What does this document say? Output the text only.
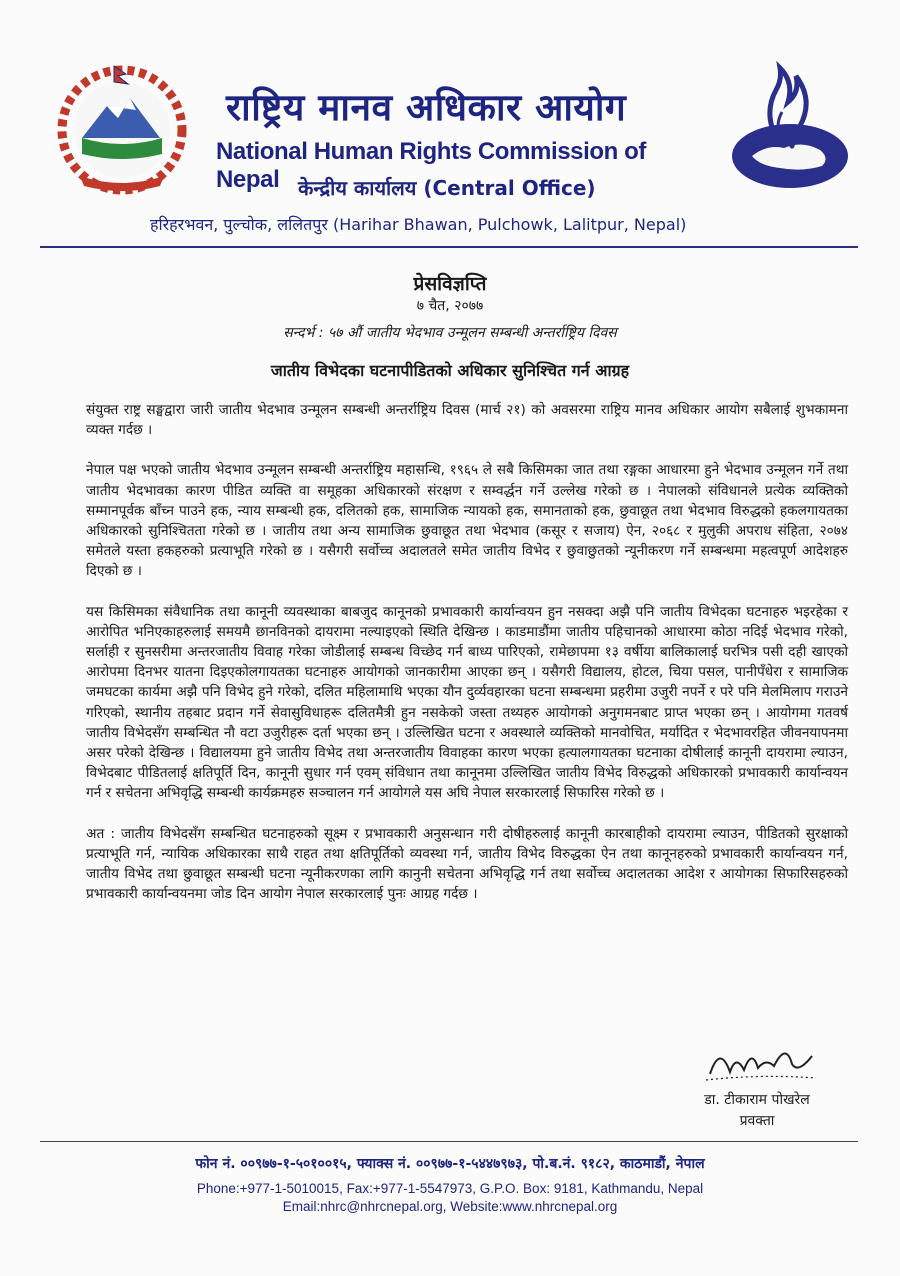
राष्ट्रिय मानव अधिकार आयोग
National Human Rights Commission of Nepal केन्द्रीय कार्यालय (Central Office)
हरिहरभवन, पुल्चोक, ललितपुर (Harihar Bhawan, Pulchowk, Lalitpur, Nepal)
प्रेसविज्ञप्ति
७ चैत, २०७७
सन्दर्भ : ५७ औं जातीय भेदभाव उन्मूलन सम्बन्धी अन्तर्राष्ट्रिय दिवस
जातीय विभेदका घटनापीडितको अधिकार सुनिश्चित गर्न आग्रह

संयुक्त राष्ट्र सङ्घद्वारा जारी जातीय भेदभाव उन्मूलन सम्बन्धी अन्तर्राष्ट्रिय दिवस (मार्च २१) को अवसरमा राष्ट्रिय मानव अधिकार आयोग सबैलाई शुभकामना व्यक्त गर्दछ ।

नेपाल पक्ष भएको जातीय भेदभाव उन्मूलन सम्बन्धी अन्तर्राष्ट्रिय महासन्धि, १९६५ ले सबै किसिमका जात तथा रङ्गका आधारमा हुने भेदभाव उन्मूलन गर्ने तथा जातीय भेदभावका कारण पीडित व्यक्ति वा समूहका अधिकारको संरक्षण र सम्वर्द्धन गर्ने उल्लेख गरेको छ । नेपालको संविधानले प्रत्येक व्यक्तिको सम्मानपूर्वक बाँच्न पाउने हक, न्याय सम्बन्धी हक, दलितको हक, सामाजिक न्यायको हक, समानताको हक, छुवाछूत तथा भेदभाव विरुद्धको हकलगायतका अधिकारको सुनिश्चितता गरेको छ । जातीय तथा अन्य सामाजिक छुवाछूत तथा भेदभाव (कसूर र सजाय) ऐन, २०६८ र मुलुकी अपराध संहिता, २०७४ समेतले यस्ता हकहरुको प्रत्याभूति गरेको छ । यसैगरी सर्वोच्च अदालतले समेत जातीय विभेद र छुवाछुतको न्यूनीकरण गर्ने सम्बन्धमा महत्वपूर्ण आदेशहरु दिएको छ ।

यस किसिमका संवैधानिक तथा कानूनी व्यवस्थाका बाबजुद कानूनको प्रभावकारी कार्यान्वयन हुन नसक्दा अझै पनि जातीय विभेदका घटनाहरु भइरहेका र आरोपित भनिएकाहरुलाई समयमै छानविनको दायरामा नल्याइएको स्थिति देखिन्छ । काडमाडौंमा जातीय पहिचानको आधारमा कोठा नदिई भेदभाव गरेको, सर्लाही र सुनसरीमा अन्तरजातीय विवाह गरेका जोडीलाई सम्बन्ध विच्छेद गर्न बाध्य पारिएको, रामेछापमा १३ वर्षीया बालिकालाई घरभित्र पसी दही खाएको आरोपमा दिनभर यातना दिइएकोलगायतका घटनाहरु आयोगको जानकारीमा आएका छन् । यसैगरी विद्यालय, होटल, चिया पसल, पानीपँधेरा र सामाजिक जमघटका कार्यमा अझै पनि विभेद हुने गरेको, दलित महिलामाथि भएका यौन दुर्व्यवहारका घटना सम्बन्धमा प्रहरीमा उजुरी नपर्ने र परे पनि मेलमिलाप गराउने गरिएको, स्थानीय तहबाट प्रदान गर्ने सेवासुविधाहरू दलितमैत्री हुन नसकेको जस्ता तथ्यहरु आयोगको अनुगमनबाट प्राप्त भएका छन् । आयोगमा गतवर्ष जातीय विभेदसँग सम्बन्धित नौ वटा उजुरीहरू दर्ता भएका छन् । उल्लिखित घटना र अवस्थाले व्यक्तिको मानवोचित, मर्यादित र भेदभावरहित जीवनयापनमा असर परेको देखिन्छ । विद्यालयमा हुने जातीय विभेद तथा अन्तरजातीय विवाहका कारण भएका हत्यालगायतका घटनाका दोषीलाई कानूनी दायरामा ल्याउन, विभेदबाट पीडितलाई क्षतिपूर्ति दिन, कानूनी सुधार गर्न एवम् संविधान तथा कानूनमा उल्लिखित जातीय विभेद विरुद्धको अधिकारको प्रभावकारी कार्यान्वयन गर्न र सचेतना अभिवृद्धि सम्बन्धी कार्यक्रमहरु सञ्चालन गर्न आयोगले यस अघि नेपाल सरकारलाई सिफारिस गरेको छ ।

अत : जातीय विभेदसँग सम्बन्धित घटनाहरुको सूक्ष्म र प्रभावकारी अनुसन्धान गरी दोषीहरुलाई कानूनी कारबाहीको दायरामा ल्याउन, पीडितको सुरक्षाको प्रत्याभूति गर्न, न्यायिक अधिकारका साथै राहत तथा क्षतिपूर्तिको व्यवस्था गर्न, जातीय विभेद विरुद्धका ऐन तथा कानूनहरुको प्रभावकारी कार्यान्वयन गर्न, जातीय विभेद तथा छुवाछूत सम्बन्धी घटना न्यूनीकरणका लागि कानुनी सचेतना अभिवृद्धि गर्न तथा सर्वोच्च अदालतका आदेश र आयोगका सिफारिसहरुको प्रभावकारी कार्यान्वयनमा जोड दिन आयोग नेपाल सरकारलाई पुनः आग्रह गर्दछ ।

डा. टीकाराम पोखरेल
प्रवक्ता
फोन नं. ००९७७-१-५०१००१५, फ्याक्स नं. ००९७७-१-५४४७९७३, पो.ब.नं. ९१८२, काठमाडौं, नेपाल
Phone:+977-1-5010015, Fax:+977-1-5547973, G.P.O. Box: 9181, Kathmandu, Nepal
Email:nhrc@nhrcnepal.org, Website:www.nhrcnepal.org
